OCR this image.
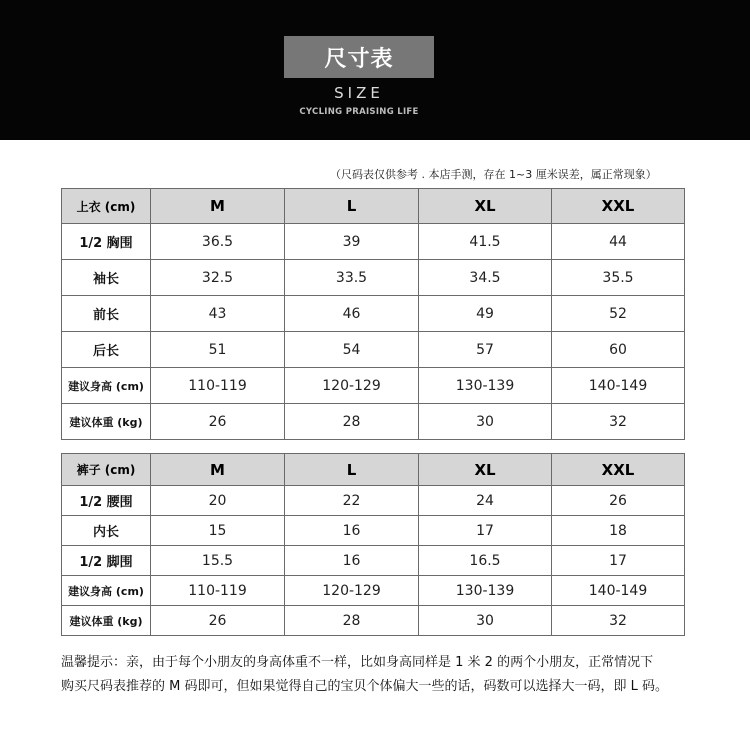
尺寸表
SIZE
CYCLING PRAISING LIFE
（尺码表仅供参考 . 本店手测，存在 1~3 厘米误差，属正常现象）
上衣 (cm)	M	L	XL	XXL
1/2 胸围	36.5	39	41.5	44
袖长	32.5	33.5	34.5	35.5
前长	43	46	49	52
后长	51	54	57	60
建议身高 (cm)	110-119	120-129	130-139	140-149
建议体重 (kg)	26	28	30	32
裤子 (cm)	M	L	XL	XXL
1/2 腰围	20	22	24	26
内长	15	16	17	18
1/2 脚围	15.5	16	16.5	17
建议身高 (cm)	110-119	120-129	130-139	140-149
建议体重 (kg)	26	28	30	32
温馨提示：亲，由于每个小朋友的身高体重不一样，比如身高同样是 1 米 2 的两个小朋友，正常情况下
购买尺码表推荐的 M 码即可，但如果觉得自己的宝贝个体偏大一些的话，码数可以选择大一码，即 L 码。
